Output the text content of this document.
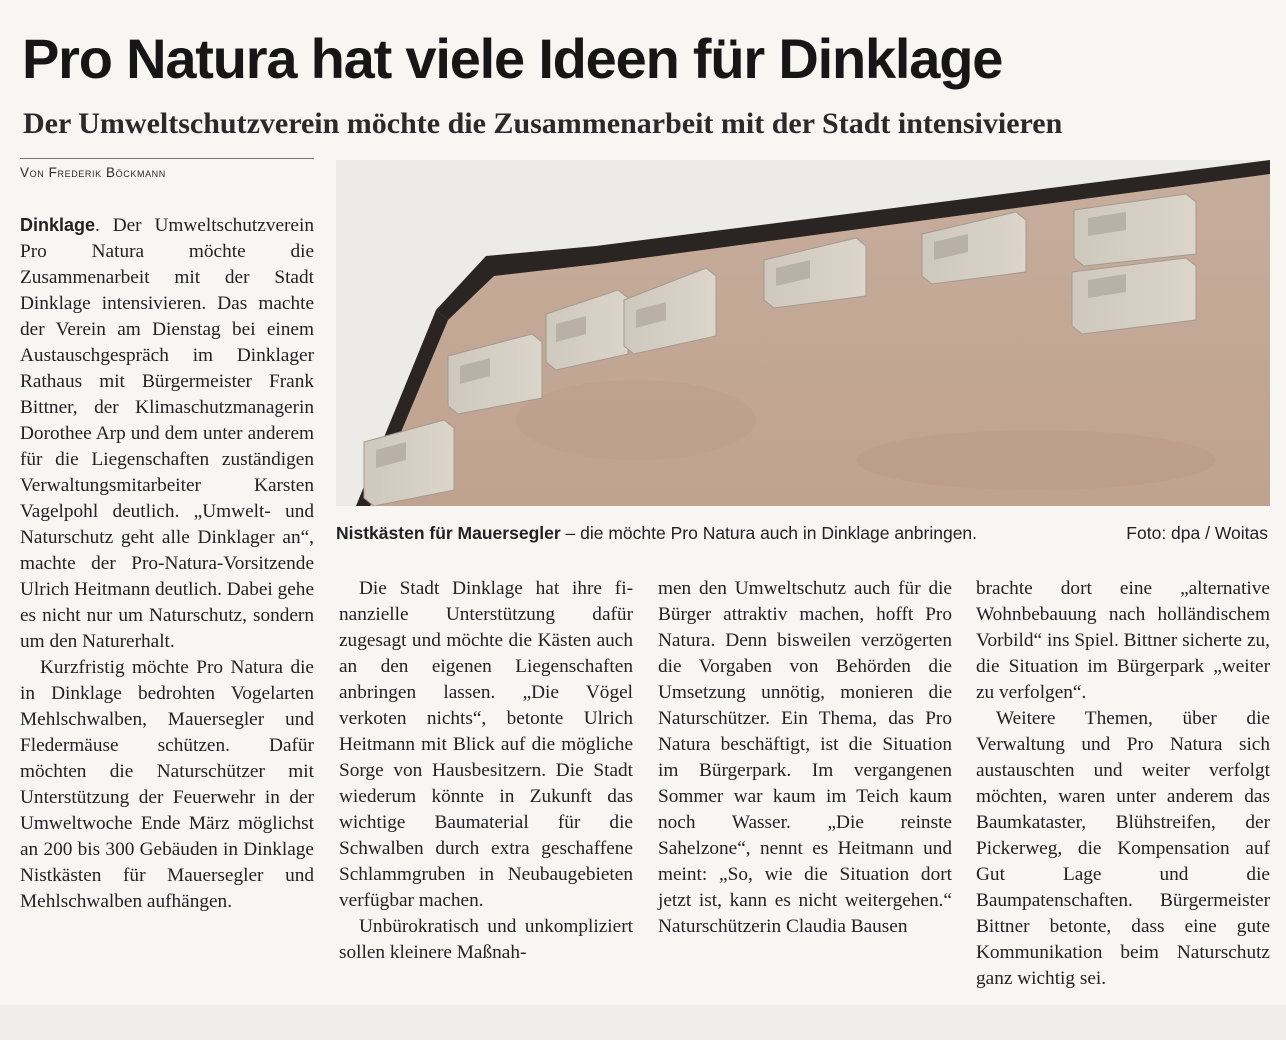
Pro Natura hat viele Ideen für Dinklage
Der Umweltschutzverein möchte die Zusammenarbeit mit der Stadt intensivieren
Von Frederik Böckmann
Nistkästen für Mauersegler – die möchte Pro Natura auch in Dinklage anbringen.	Foto: dpa / Woitas

Dinklage. Der Umweltschutzverein Pro Natura möchte die Zusammenarbeit mit der Stadt Dinklage intensivieren. Das machte der Verein am Dienstag bei einem Austauschgespräch im Dinklager Rathaus mit Bürgermeister Frank Bittner, der Klimaschutzmanagerin Dorothee Arp und dem unter anderem für die Liegenschaften zuständigen Verwaltungsmitarbeiter Karsten Vagelpohl deutlich. „Umwelt- und Naturschutz geht alle Dinklager an“, machte der Pro-Natura-Vorsitzende Ulrich Heitmann deutlich. Dabei gehe es nicht nur um Naturschutz, sondern um den Naturerhalt.

Kurzfristig möchte Pro Natura die in Dinklage bedrohten Vogelarten Mehlschwalben, Mauersegler und Fledermäuse schützen. Dafür möchten die Naturschützer mit Unterstützung der Feuerwehr in der Umweltwoche Ende März möglichst an 200 bis 300 Gebäuden in Dinklage Nistkästen für Mauersegler und Mehlschwalben aufhängen.

Die Stadt Dinklage hat ihre finanzielle Unterstützung dafür zugesagt und möchte die Kästen auch an den eigenen Liegenschaften anbringen lassen. „Die Vögel verkoten nichts“, betonte Ulrich Heitmann mit Blick auf die mögliche Sorge von Hausbesitzern. Die Stadt wiederum könnte in Zukunft das wichtige Baumaterial für die Schwalben durch extra geschaffene Schlammgruben in Neubaugebieten verfügbar machen.

Unbürokratisch und unkompliziert sollen kleinere Maßnah-

men den Umweltschutz auch für die Bürger attraktiv machen, hofft Pro Natura. Denn bisweilen verzögerten die Vorgaben von Behörden die Umsetzung unnötig, monieren die Naturschützer. Ein Thema, das Pro Natura beschäftigt, ist die Situation im Bürgerpark. Im vergangenen Sommer war kaum im Teich kaum noch Wasser. „Die reinste Sahelzone“, nennt es Heitmann und meint: „So, wie die Situation dort jetzt ist, kann es nicht weitergehen.“ Naturschützerin Claudia Bausen

brachte dort eine „alternative Wohnbebauung nach holländischem Vorbild“ ins Spiel. Bittner sicherte zu, die Situation im Bürgerpark „weiter zu verfolgen“.

Weitere Themen, über die Verwaltung und Pro Natura sich austauschten und weiter verfolgt möchten, waren unter anderem das Baumkataster, Blühstreifen, der Pickerweg, die Kompensation auf Gut Lage und die Baumpatenschaften. Bürgermeister Bittner betonte, dass eine gute Kommunikation beim Naturschutz ganz wichtig sei.
